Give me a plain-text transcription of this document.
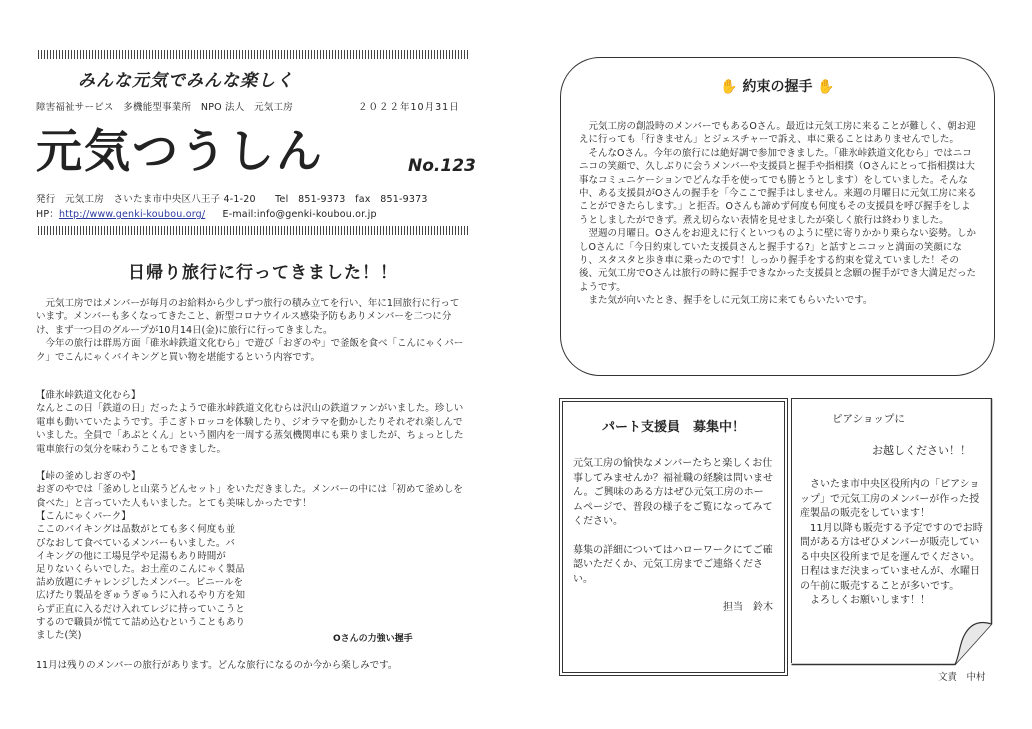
みんな元気でみんな楽しく
障害福祉サービス　多機能型事業所　NPO 法人　元気工房	２０２２年10月31日
元気つうしん	No.123
発行　元気工房　さいたま市中央区八王子 4-1-20　　Tel　851-9373　fax　851-9373
HP：http://www.genki-koubou.org/ E-mail:info@genki-koubou.or.jp
日帰り旅行に行ってきました！！

元気工房ではメンバーが毎月のお給料から少しずつ旅行の積み立てを行い、年に1回旅行に行っています。メンバーも多くなってきたこと、新型コロナウイルス感染予防もありメンバーを二つに分け、まず一つ目のグループが10月14日(金)に旅行に行ってきました。

今年の旅行は群馬方面「碓氷峠鉄道文化むら」で遊び「おぎのや」で釜飯を食べ「こんにゃくパーク」でこんにゃくバイキングと買い物を堪能するという内容です。

【碓氷峠鉄道文化むら】

なんとこの日「鉄道の日」だったようで碓氷峠鉄道文化むらは沢山の鉄道ファンがいました。珍しい電車も動いていたようです。手こぎトロッコを体験したり、ジオラマを動かしたりそれぞれ楽しんでいました。全員で「あぷとくん」という園内を一周する蒸気機関車にも乗りましたが、ちょっとした電車旅行の気分を味わうこともできました。

【峠の釜めしおぎのや】

おぎのやでは「釜めしと山菜うどんセット」をいただきました。メンバーの中には「初めて釜めしを食べた」と言っていた人もいました。とても美味しかったです！

【こんにゃくパーク】

ここのバイキングは品数がとても多く何度も並
びなおして食べているメンバーもいました。バ
イキングの他に工場見学や足湯もあり時間が
足りないくらいでした。お土産のこんにゃく製品
詰め放題にチャレンジしたメンバー。ビニールを
広げたり製品をぎゅうぎゅうに入れるやり方を知
らず正直に入るだけ入れてレジに持っていこうと
するので職員が慌てて詰め込むということもあり
ました(笑)	Oさんの力強い握手
11月は残りのメンバーの旅行があります。どんな旅行になるのか今から楽しみです。
✋ 約束の握手 ✋

元気工房の創設時のメンバーでもあるOさん。最近は元気工房に来ることが難しく、朝お迎えに行っても「行きません」とジェスチャーで訴え、車に乗ることはありませんでした。

そんなOさん。今年の旅行には絶好調で参加できました。「碓氷峠鉄道文化むら」ではニコニコの笑顔で、久しぶりに会うメンバーや支援員と握手や指相撲（Oさんにとって指相撲は大事なコミュニケーションでどんな手を使ってでも勝とうとします）をしていました。そんな中、ある支援員がOさんの握手を「今ここで握手はしません。来週の月曜日に元気工房に来ることができたらします。」と拒否。Oさんも諦めず何度も何度もその支援員を呼び握手をしようとしましたができず。煮え切らない表情を見せましたが楽しく旅行は終わりました。

翌週の月曜日。Oさんをお迎えに行くといつものように壁に寄りかかり乗らない姿勢。しかしOさんに「今日約束していた支援員さんと握手する?」と話すとニコッと満面の笑顔になり、スタスタと歩き車に乗ったのです！しっかり握手をする約束を覚えていました！その後、元気工房でOさんは旅行の時に握手できなかった支援員と念願の握手ができ大満足だったようです。

また気が向いたとき、握手をしに元気工房に来てもらいたいです。

パート支援員　募集中！

元気工房の愉快なメンバーたちと楽しくお仕事してみませんか？福祉職の経験は問いません。ご興味のある方はぜひ元気工房のホームページで、普段の様子をご覧になってみてください。

募集の詳細についてはハローワークにてご確認いただくか、元気工房までご連絡ください。

担当　鈴木

ピアショップに
お越しください！！

さいたま市中央区役所内の「ピアショップ」で元気工房のメンバーが作った授産製品の販売をしています！

11月以降も販売する予定ですのでお時間がある方はぜひメンバーが販売している中央区役所まで足を運んでください。日程はまだ決まっていませんが、水曜日の午前に販売することが多いです。

よろしくお願いします！！

文責　中村
